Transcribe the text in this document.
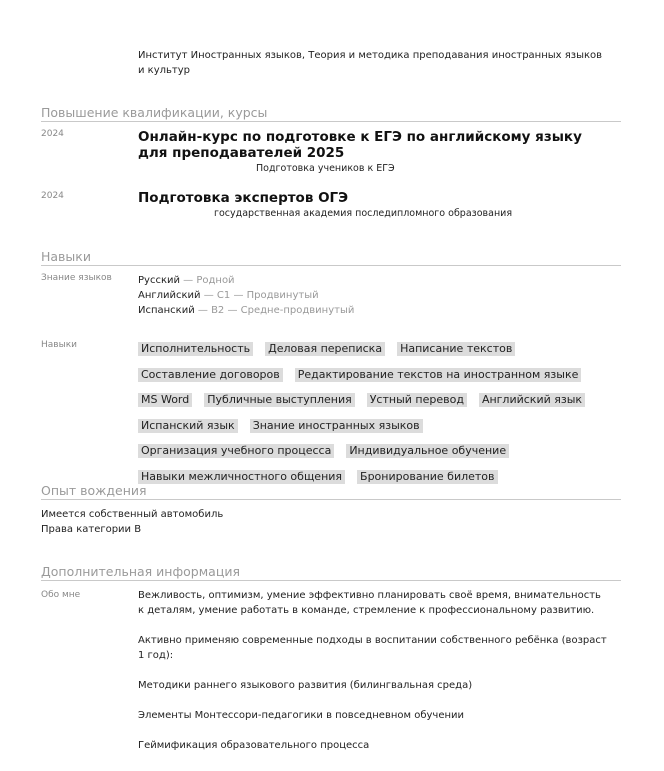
Институт Иностранных языков, Теория и методика преподавания иностранных языков и культур
Повышение квалификации, курсы
2024	Онлайн-курс по подготовке к ЕГЭ по английскому языку для преподавателей 2025
Подготовка учеников к ЕГЭ
2024	Подготовка экспертов ОГЭ
государственная академия последипломного образования
Навыки
Знание языков	Русский — Родной
Английский — C1 — Продвинутый
Испанский — B2 — Средне-продвинутый
Навыки	Исполнительность Деловая переписка Написание текстов
Составление договоров Редактирование текстов на иностранном языке
MS Word Публичные выступления Устный перевод Английский язык
Испанский язык Знание иностранных языков
Организация учебного процесса Индивидуальное обучение
Навыки межличностного общения Бронирование билетов
Опыт вождения
Имеется собственный автомобиль
Права категории B
Дополнительная информация
Обо мне	Вежливость, оптимизм, умение эффективно планировать своё время, внимательность к деталям, умение работать в команде, стремление к профессиональному развитию.

Активно применяю современные подходы в воспитании собственного ребёнка (возраст 1 год):

Методики раннего языкового развития (билингвальная среда)

Элементы Монтессори-педагогики в повседневном обучении

Геймификация образовательного процесса
